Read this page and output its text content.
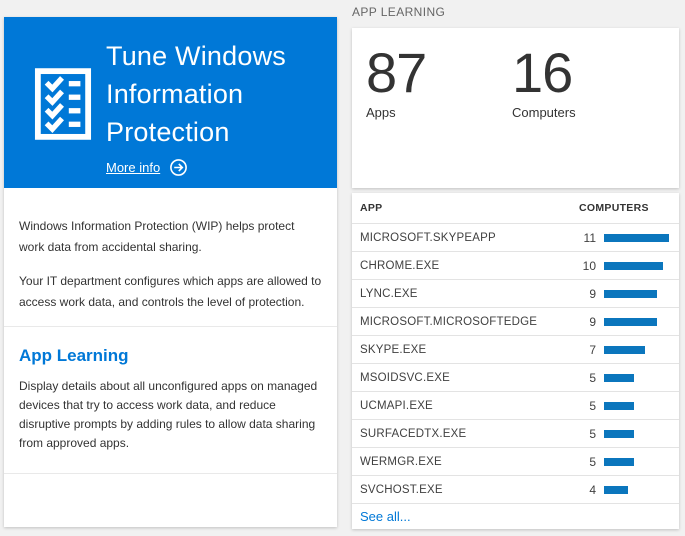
Tune Windows
Information
Protection
More info

Windows Information Protection (WIP) helps protect work data from accidental sharing.

Your IT department configures which apps are allowed to access work data, and controls the level of protection.

App Learning

Display details about all unconfigured apps on managed devices that try to access work data, and reduce disruptive prompts by adding rules to allow data sharing from approved apps.

APP LEARNING
87
Apps
16
Computers
APP	COMPUTERS
MICROSOFT.SKYPEAPP	11
CHROME.EXE	10
LYNC.EXE	9
MICROSOFT.MICROSOFTEDGE	9
SKYPE.EXE	7
MSOIDSVC.EXE	5
UCMAPI.EXE	5
SURFACEDTX.EXE	5
WERMGR.EXE	5
SVCHOST.EXE	4
See all...
